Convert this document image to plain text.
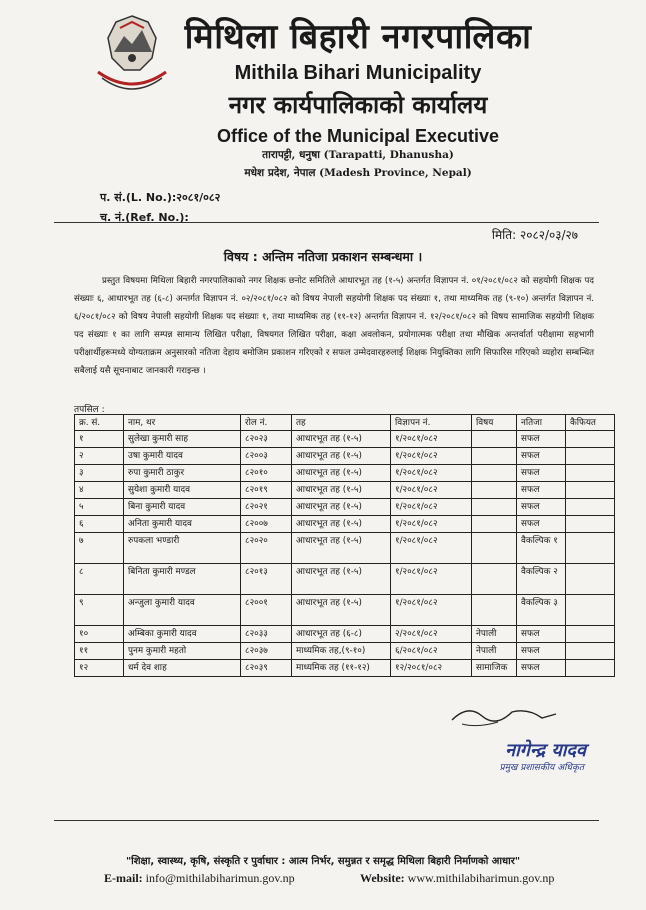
मिथिला बिहारी नगरपालिका
Mithila Bihari Municipality
नगर कार्यपालिकाको कार्यालय
Office of the Municipal Executive
तारापट्टी, धनुषा (Tarapatti, Dhanusha)
मधेश प्रदेश, नेपाल (Madesh Province, Nepal)
प. सं.(L. No.):२०८१/०८२
च. नं.(Ref. No.):
मिति: २०८२/०३/२७
विषय : अन्तिम नतिजा प्रकाशन सम्बन्धमा ।
प्रस्तुत विषयमा मिथिला बिहारी नगरपालिकाको नगर शिक्षक छनोट समितिले आधारभूत तह (१-५) अन्तर्गत विज्ञापन नं. ०१/२०८१/०८२ को सहयोगी शिक्षक पद संख्याः ६, आधारभूत तह (६-८) अन्तर्गत विज्ञापन नं. ०२/२०८१/०८२ को विषय नेपाली सहयोगी शिक्षक पद संख्याः १, तथा माध्यमिक तह (९-१०) अन्तर्गत विज्ञापन नं. ६/२०८१/०८२ को विषय नेपाली सहयोगी शिक्षक पद संख्याः १, तथा माध्यमिक तह (११-१२) अन्तर्गत विज्ञापन नं. १२/२०८१/०८२ को विषय सामाजिक सहयोगी शिक्षक पद संख्याः १ का लागि सम्पन्न सामान्य लिखित परीक्षा, विषयगत लिखित परीक्षा, कक्षा अवलोकन, प्रयोगात्मक परीक्षा तथा मौखिक अन्तर्वार्ता परीक्षामा सहभागी परीक्षार्थीहरूमध्ये योग्यताक्रम अनुसारको नतिजा देहाय बमोजिम प्रकाशन गरिएको र सफल उम्मेदवारहरुलाई शिक्षक नियुक्तिका लागि सिफारिस गरिएको व्यहोरा सम्बन्धित सबैलाई यसै सूचनाबाट जानकारी गराइन्छ ।
तपसिल :
क्र. सं.	नाम, थर	रोल नं.	तह	विज्ञापन नं.	विषय	नतिजा	कैफियत
१	सुलेखा कुमारी साह	८२०२३	आधारभूत तह (१-५)	१/२०८१/०८२		सफल	
२	उषा कुमारी यादव	८२००३	आधारभूत तह (१-५)	१/२०८१/०८२		सफल	
३	रुपा कुमारी ठाकुर	८२०१०	आधारभूत तह (१-५)	१/२०८१/०८२		सफल	
४	सुयेशा कुमारी यादव	८२०१९	आधारभूत तह (१-५)	१/२०८१/०८२		सफल	
५	बिना कुमारी यादव	८२०२१	आधारभूत तह (१-५)	१/२०८१/०८२		सफल	
६	अनिता कुमारी यादव	८२००७	आधारभूत तह (१-५)	१/२०८१/०८२		सफल	
७	रुपकला भण्डारी	८२०२०	आधारभूत तह (१-५)	१/२०८१/०८२		वैकल्पिक १	
८	बिनिता कुमारी मण्डल	८२०१३	आधारभूत तह (१-५)	१/२०८१/०८२		वैकल्पिक २	
९	अन्जुला कुमारी यादव	८२००१	आधारभूत तह (१-५)	१/२०८१/०८२		वैकल्पिक ३	
१०	अम्बिका कुमारी यादव	८२०३३	आधारभूत तह (६-८)	२/२०८१/०८२	नेपाली	सफल	
११	पुनम कुमारी महतो	८२०३७	माध्यमिक तह,(९-१०)	६/२०८१/०८२	नेपाली	सफल	
१२	धर्म देव शाह	८२०३९	माध्यमिक तह (११-१२)	१२/२०८१/०८२	सामाजिक	सफल	
नागेन्द्र यादव
प्रमुख प्रशासकीय अधिकृत
"शिक्षा, स्वास्थ्य, कृषि, संस्कृति र पुर्वाधार : आत्म निर्भर, समुन्नत र समृद्ध मिथिला बिहारी निर्माणको आधार"
E-mail: info@mithilabiharimun.gov.np	Website: www.mithilabiharimun.gov.np
